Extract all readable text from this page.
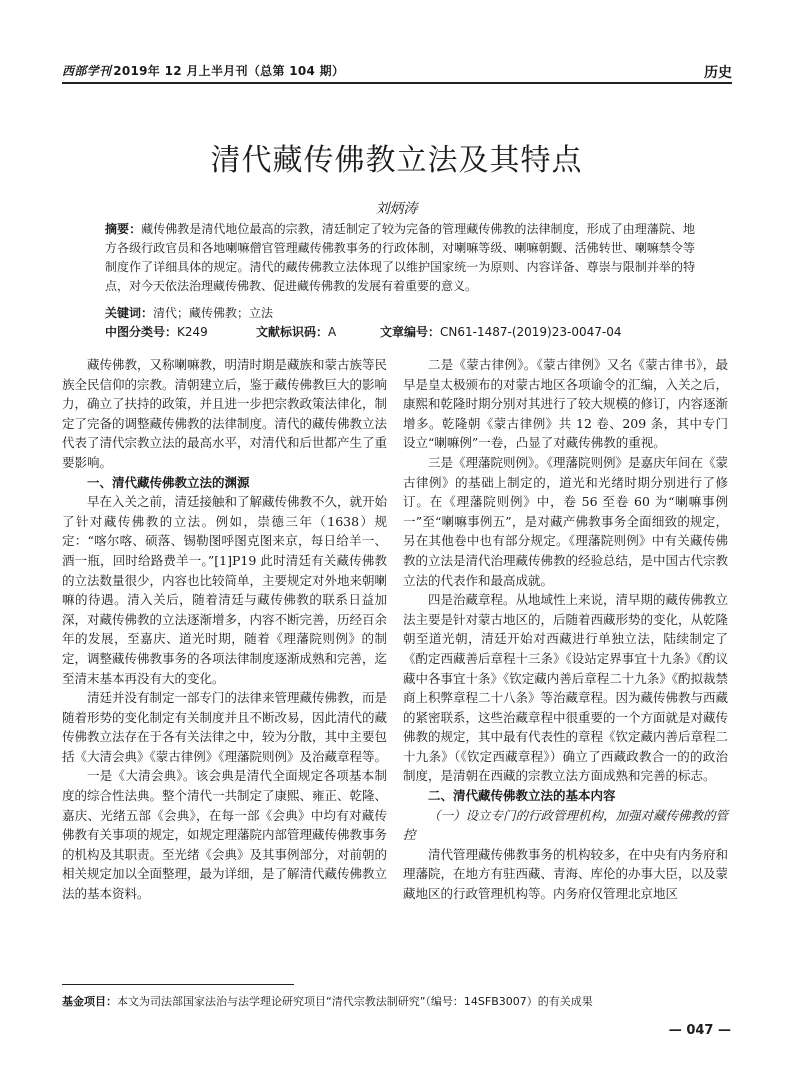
西部学刊 2019年 12 月上半月刊（总第 104 期）	历史
清代藏传佛教立法及其特点
刘炳涛
摘要：藏传佛教是清代地位最高的宗教，清廷制定了较为完备的管理藏传佛教的法律制度，形成了由理藩院、地方各级行政官员和各地喇嘛僧官管理藏传佛教事务的行政体制，对喇嘛等级、喇嘛朝觐、活佛转世、喇嘛禁令等制度作了详细具体的规定。清代的藏传佛教立法体现了以维护国家统一为原则、内容详备、尊崇与限制并举的特点，对今天依法治理藏传佛教、促进藏传佛教的发展有着重要的意义。
关键词：清代；藏传佛教；立法
中图分类号：K249	文献标识码：A	文章编号：CN61-1487-(2019)23-0047-04

藏传佛教，又称喇嘛教，明清时期是藏族和蒙古族等民族全民信仰的宗教。清朝建立后，鉴于藏传佛教巨大的影响力，确立了扶持的政策，并且进一步把宗教政策法律化，制定了完备的调整藏传佛教的法律制度。清代的藏传佛教立法代表了清代宗教立法的最高水平，对清代和后世都产生了重要影响。

一、清代藏传佛教立法的渊源

早在入关之前，清廷接触和了解藏传佛教不久，就开始了针对藏传佛教的立法。例如，崇德三年（1638）规定：“喀尔喀、硕落、锡勒图呼图克图来京，每日给羊一、酒一瓶，回时给路费羊一。”[1]P19 此时清廷有关藏传佛教的立法数量很少，内容也比较简单，主要规定对外地来朝喇嘛的待遇。清入关后，随着清廷与藏传佛教的联系日益加深，对藏传佛教的立法逐渐增多，内容不断完善，历经百余年的发展，至嘉庆、道光时期，随着《理藩院则例》的制定，调整藏传佛教事务的各项法律制度逐渐成熟和完善，迄至清末基本再没有大的变化。

清廷并没有制定一部专门的法律来管理藏传佛教，而是随着形势的变化制定有关制度并且不断改易，因此清代的藏传佛教立法存在于各有关法律之中，较为分散，其中主要包括《大清会典》《蒙古律例》《理藩院则例》及治藏章程等。

一是《大清会典》。该会典是清代全面规定各项基本制度的综合性法典。整个清代一共制定了康熙、雍正、乾隆、嘉庆、光绪五部《会典》，在每一部《会典》中均有对藏传佛教有关事项的规定，如规定理藩院内部管理藏传佛教事务的机构及其职责。至光绪《会典》及其事例部分，对前朝的相关规定加以全面整理，最为详细，是了解清代藏传佛教立法的基本资料。

二是《蒙古律例》。《蒙古律例》又名《蒙古律书》，最早是皇太极颁布的对蒙古地区各项谕令的汇编，入关之后，康熙和乾隆时期分别对其进行了较大规模的修订，内容逐渐增多。乾隆朝《蒙古律例》共 12 卷、209 条，其中专门设立“喇嘛例”一卷，凸显了对藏传佛教的重视。

三是《理藩院则例》。《理藩院则例》是嘉庆年间在《蒙古律例》的基础上制定的，道光和光绪时期分别进行了修订。在《理藩院则例》中，卷 56 至卷 60 为“喇嘛事例一”至“喇嘛事例五”，是对藏产佛教事务全面细致的规定，另在其他卷中也有部分规定。《理藩院则例》中有关藏传佛教的立法是清代治理藏传佛教的经验总结，是中国古代宗教立法的代表作和最高成就。

四是治藏章程。从地域性上来说，清早期的藏传佛教立法主要是针对蒙古地区的，后随着西藏形势的变化，从乾隆朝至道光朝，清廷开始对西藏进行单独立法，陆续制定了《酌定西藏善后章程十三条》《设站定界事宜十九条》《酌议藏中各事宜十条》《钦定藏内善后章程二十九条》《酌拟裁禁商上积弊章程二十八条》等治藏章程。因为藏传佛教与西藏的紧密联系，这些治藏章程中很重要的一个方面就是对藏传佛教的规定，其中最有代表性的章程《钦定藏内善后章程二十九条》（《钦定西藏章程》）确立了西藏政教合一的的政治制度，是清朝在西藏的宗教立法方面成熟和完善的标志。

二、清代藏传佛教立法的基本内容

（一）设立专门的行政管理机构，加强对藏传佛教的管控

清代管理藏传佛教事务的机构较多，在中央有内务府和理藩院，在地方有驻西藏、青海、库伦的办事大臣，以及蒙藏地区的行政管理机构等。内务府仅管理北京地区

基金项目：本文为司法部国家法治与法学理论研究项目“清代宗教法制研究”（编号：14SFB3007）的有关成果
— 047 —
